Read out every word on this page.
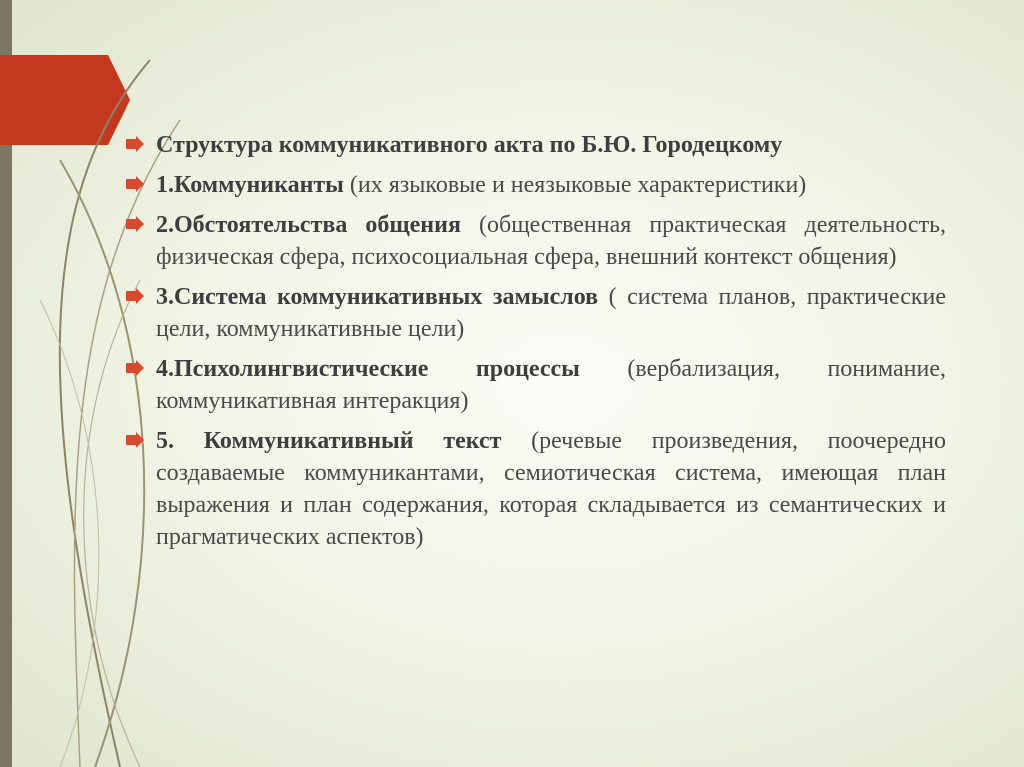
Структура коммуникативного акта по Б.Ю. Городецкому
1.Коммуниканты (их языковые и неязыковые характеристики)
2.Обстоятельства общения (общественная практическая деятельность, физическая сфера, психосоциальная сфера, внешний контекст общения)
3.Система коммуникативных замыслов ( система планов, практические цели, коммуникативные цели)
4.Психолингвистические процессы (вербализация, понимание, коммуникативная интеракция)
5. Коммуникативный текст (речевые произведения, поочередно создаваемые коммуникантами, семиотическая система, имеющая план выражения и план содержания, которая складывается из семантических и прагматических аспектов)
